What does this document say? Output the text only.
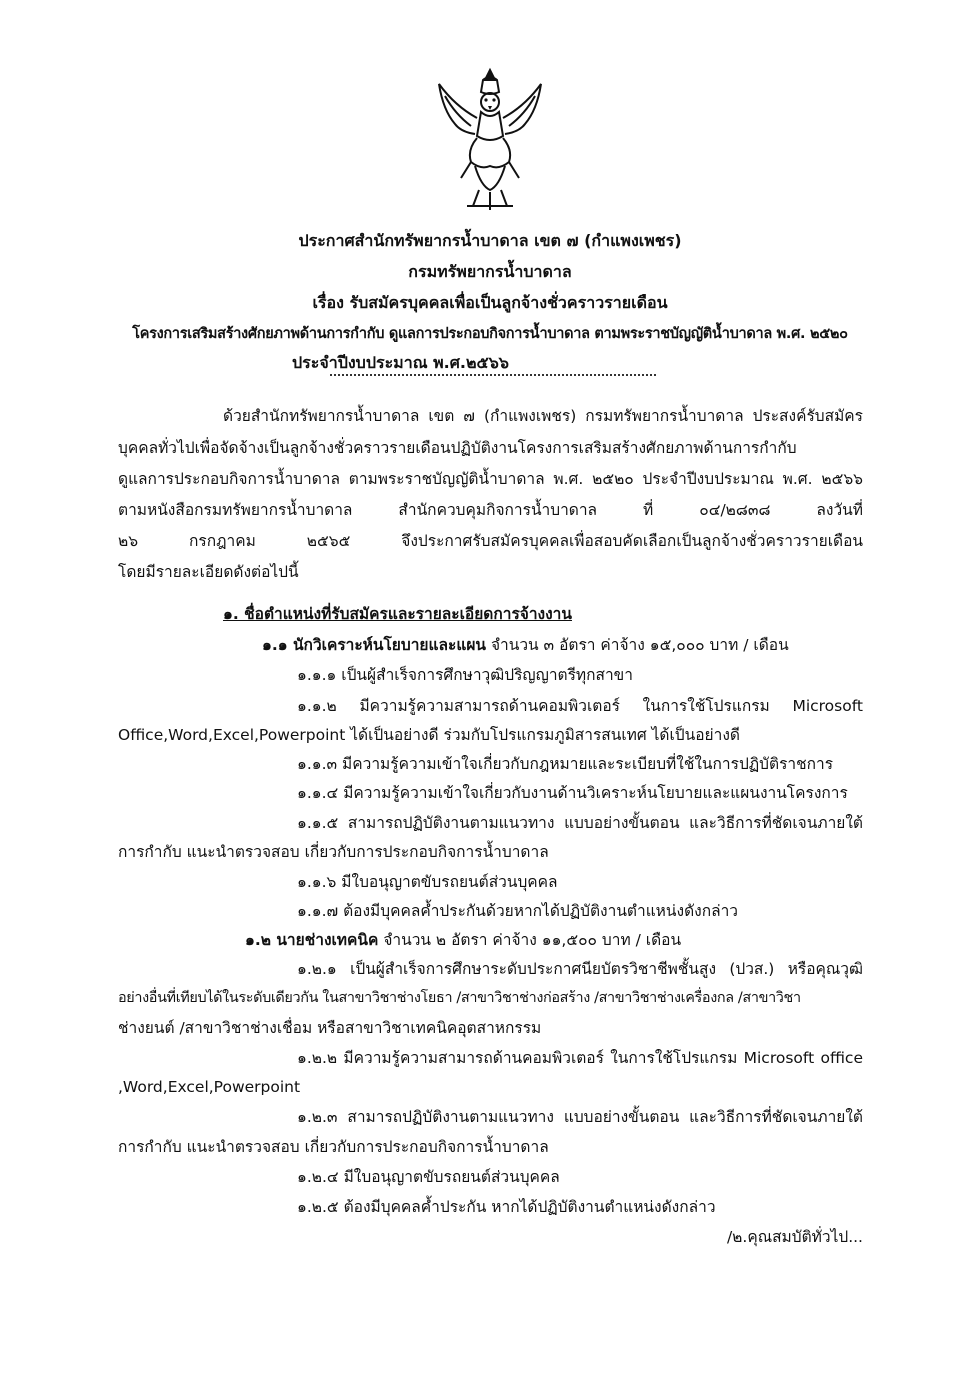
ประกาศสำนักทรัพยากรน้ำบาดาล เขต ๗ (กำแพงเพชร)
กรมทรัพยากรน้ำบาดาล
เรื่อง รับสมัครบุคคลเพื่อเป็นลูกจ้างชั่วคราวรายเดือน
โครงการเสริมสร้างศักยภาพด้านการกำกับ ดูแลการประกอบกิจการน้ำบาดาล ตามพระราชบัญญัติน้ำบาดาล พ.ศ. ๒๕๒๐
ประจำปีงบประมาณ พ.ศ.๒๕๖๖
ด้วยสำนักทรัพยากรน้ำบาดาล เขต ๗ (กำแพงเพชร) กรมทรัพยากรน้ำบาดาล ประสงค์รับสมัคร
บุคคลทั่วไปเพื่อจัดจ้างเป็นลูกจ้างชั่วคราวรายเดือนปฏิบัติงานโครงการเสริมสร้างศักยภาพด้านการกำกับ
ดูแลการประกอบกิจการน้ำบาดาล ตามพระราชบัญญัติน้ำบาดาล พ.ศ. ๒๕๒๐ ประจำปีงบประมาณ พ.ศ. ๒๕๖๖
ตามหนังสือกรมทรัพยากรน้ำบาดาล สำนักควบคุมกิจการน้ำบาดาล ที่ ๐๔/๒๘๓๘ ลงวันที่
๒๖ กรกฎาคม ๒๕๖๕ จึงประกาศรับสมัครบุคคลเพื่อสอบคัดเลือกเป็นลูกจ้างชั่วคราวรายเดือน
โดยมีรายละเอียดดังต่อไปนี้
๑. ชื่อตำแหน่งที่รับสมัครและรายละเอียดการจ้างงาน
๑.๑ นักวิเคราะห์นโยบายและแผน จำนวน ๓ อัตรา ค่าจ้าง ๑๕,๐๐๐ บาท / เดือน
๑.๑.๑ เป็นผู้สำเร็จการศึกษาวุฒิปริญญาตรีทุกสาขา
๑.๑.๒ มีความรู้ความสามารถด้านคอมพิวเตอร์ ในการใช้โปรแกรม Microsoft
Office,Word,Excel,Powerpoint ได้เป็นอย่างดี ร่วมกับโปรแกรมภูมิสารสนเทศ ได้เป็นอย่างดี
๑.๑.๓ มีความรู้ความเข้าใจเกี่ยวกับกฎหมายและระเบียบที่ใช้ในการปฏิบัติราชการ
๑.๑.๔ มีความรู้ความเข้าใจเกี่ยวกับงานด้านวิเคราะห์นโยบายและแผนงานโครงการ
๑.๑.๕ สามารถปฏิบัติงานตามแนวทาง แบบอย่างขั้นตอน และวิธีการที่ชัดเจนภายใต้
การกำกับ แนะนำตรวจสอบ เกี่ยวกับการประกอบกิจการน้ำบาดาล
๑.๑.๖ มีใบอนุญาตขับรถยนต์ส่วนบุคคล
๑.๑.๗ ต้องมีบุคคลค้ำประกันด้วยหากได้ปฏิบัติงานตำแหน่งดังกล่าว
๑.๒ นายช่างเทคนิค จำนวน ๒ อัตรา ค่าจ้าง ๑๑,๕๐๐ บาท / เดือน
๑.๒.๑ เป็นผู้สำเร็จการศึกษาระดับประกาศนียบัตรวิชาชีพชั้นสูง (ปวส.) หรือคุณวุฒิ
อย่างอื่นที่เทียบได้ในระดับเดียวกัน ในสาขาวิชาช่างโยธา /สาขาวิชาช่างก่อสร้าง /สาขาวิชาช่างเครื่องกล /สาขาวิชา
ช่างยนต์ /สาขาวิชาช่างเชื่อม หรือสาขาวิชาเทคนิคอุตสาหกรรม
๑.๒.๒ มีความรู้ความสามารถด้านคอมพิวเตอร์ ในการใช้โปรแกรม Microsoft office
,Word,Excel,Powerpoint
๑.๒.๓ สามารถปฏิบัติงานตามแนวทาง แบบอย่างขั้นตอน และวิธีการที่ชัดเจนภายใต้
การกำกับ แนะนำตรวจสอบ เกี่ยวกับการประกอบกิจการน้ำบาดาล
๑.๒.๔ มีใบอนุญาตขับรถยนต์ส่วนบุคคล
๑.๒.๕ ต้องมีบุคคลค้ำประกัน หากได้ปฏิบัติงานตำแหน่งดังกล่าว
/๒.คุณสมบัติทั่วไป...
